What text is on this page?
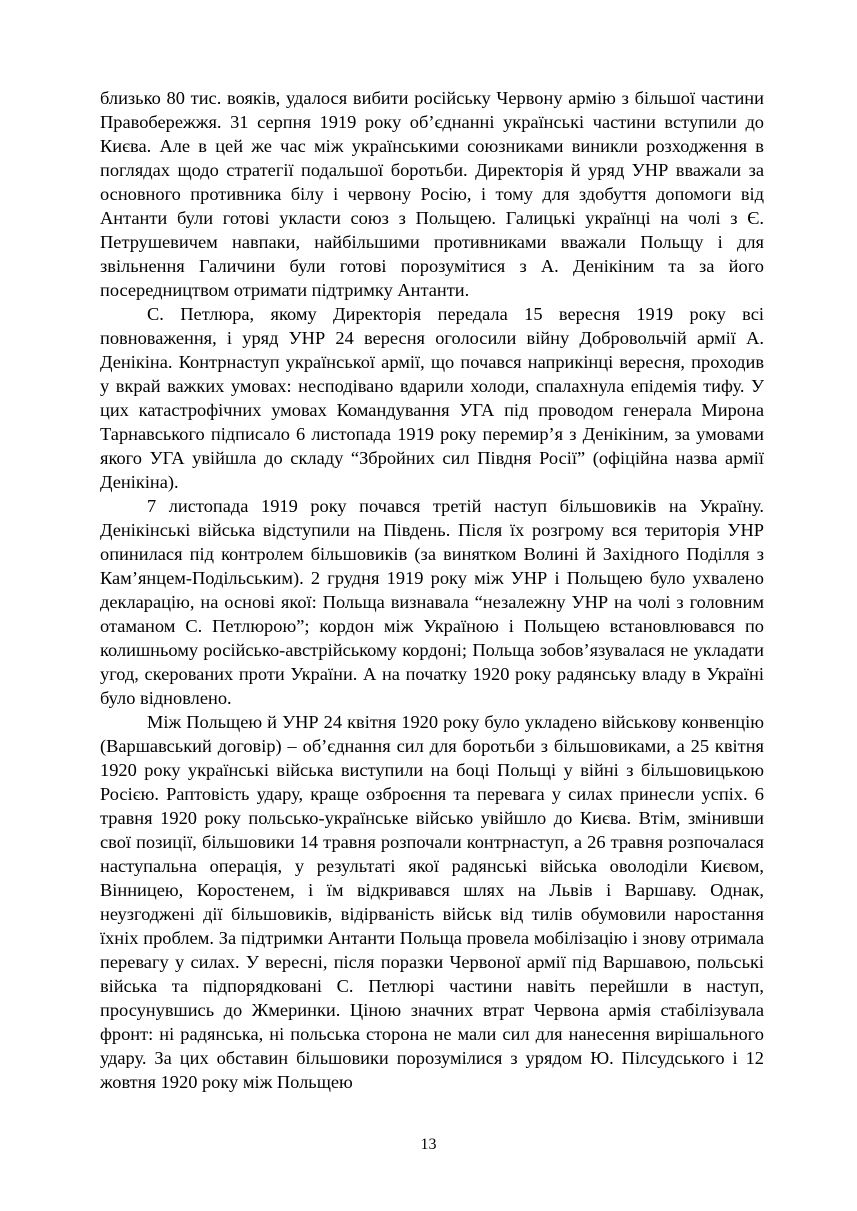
близько 80 тис. вояків, удалося вибити російську Червону армію з більшої частини Правобережжя. 31 серпня 1919 року об’єднанні українські частини вступили до Києва. Але в цей же час між українськими союзниками виникли розходження в поглядах щодо стратегії подальшої боротьби. Директорія й уряд УНР вважали за основного противника білу і червону Росію, і тому для здобуття допомоги від Антанти були готові укласти союз з Польщею. Галицькі українці на чолі з Є. Петрушевичем навпаки, найбільшими противниками вважали Польщу і для звільнення Галичини були готові порозумітися з А. Денікіним та за його посередництвом отримати підтримку Антанти.

С. Петлюра, якому Директорія передала 15 вересня 1919 року всі повноваження, і уряд УНР 24 вересня оголосили війну Добровольчій армії А. Денікіна. Контрнаступ української армії, що почався наприкінці вересня, проходив у вкрай важких умовах: несподівано вдарили холоди, спалахнула епідемія тифу. У цих катастрофічних умовах Командування УГА під проводом генерала Мирона Тарнавського підписало 6 листопада 1919 року перемир’я з Денікіним, за умовами якого УГА увійшла до складу “Збройних сил Півдня Росії” (офіційна назва армії Денікіна).

7 листопада 1919 року почався третій наступ більшовиків на Україну. Денікінські війська відступили на Південь. Після їх розгрому вся територія УНР опинилася під контролем більшовиків (за винятком Волині й Західного Поділля з Кам’янцем-Подільським). 2 грудня 1919 року між УНР і Польщею було ухвалено декларацію, на основі якої: Польща визнавала “незалежну УНР на чолі з головним отаманом С. Петлюрою”; кордон між Україною і Польщею встановлювався по колишньому російсько-австрійському кордоні; Польща зобов’язувалася не укладати угод, скерованих проти України. А на початку 1920 року радянську владу в Україні було відновлено.

Між Польщею й УНР 24 квітня 1920 року було укладено військову конвенцію (Варшавський договір) – об’єднання сил для боротьби з більшовиками, а 25 квітня 1920 року українські війська виступили на боці Польщі у війні з більшовицькою Росією. Раптовість удару, краще озброєння та перевага у силах принесли успіх. 6 травня 1920 року польсько-українське військо увійшло до Києва. Втім, змінивши свої позиції, більшовики 14 травня розпочали контрнаступ, а 26 травня розпочалася наступальна операція, у результаті якої радянські війська оволоділи Києвом, Вінницею, Коростенем, і їм відкривався шлях на Львів і Варшаву. Однак, неузгоджені дії більшовиків, відірваність військ від тилів обумовили наростання їхніх проблем. За підтримки Антанти Польща провела мобілізацію і знову отримала перевагу у силах. У вересні, після поразки Червоної армії під Варшавою, польські війська та підпорядковані С. Петлюрі частини навіть перейшли в наступ, просунувшись до Жмеринки. Ціною значних втрат Червона армія стабілізувала фронт: ні радянська, ні польська сторона не мали сил для нанесення вирішального удару. За цих обставин більшовики порозумілися з урядом Ю. Пілсудського і 12 жовтня 1920 року між Польщею

13
